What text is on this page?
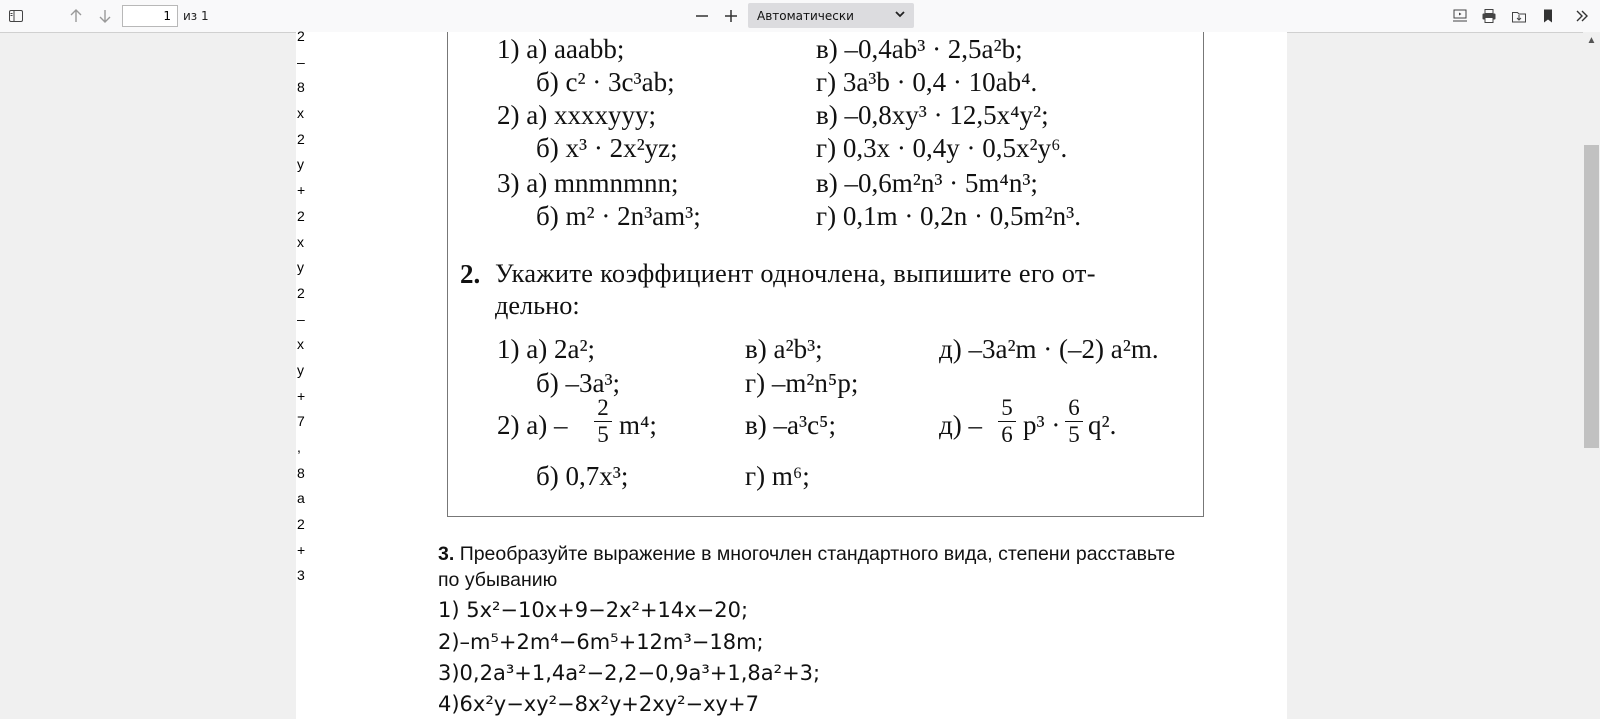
1
из 1	Автоматически
2
–
8
x
2
y
+
2
x
y
2
–
x
y
+
7
,
8
a
2
+
3
1) а) aaabb;	в) –0,4ab³ · 2,5a²b;
б) c² · 3c³ab;	г) 3a³b · 0,4 · 10ab⁴.
2) а) xxxxyyy;	в) –0,8xy³ · 12,5x⁴y²;
б) x³ · 2x²yz;	г) 0,3x · 0,4y · 0,5x²y⁶.
3) а) mnmnmnn;	в) –0,6m²n³ · 5m⁴n³;
б) m² · 2n³am³;	г) 0,1m · 0,2n · 0,5m²n³.
2. Укажите коэффициент одночлена, выпишите его от-
дельно:
1) а) 2a²;	в) a²b³;	д) –3a²m · (–2) a²m.
б) –3a³;	г) –m²n⁵p;
2) $а) - \frac{2}{5} m^4$;	в) –a³c⁵;	$д) - \frac{5}{6} p^3 \cdot \frac{6}{5} q^2$.
б) 0,7x³;	г) m⁶;
3. Преобразуйте выражение в многочлен стандартного вида, степени расставьте
по убыванию
1) 5x²−10x+9−2x²+14x−20;
2)–m⁵+2m⁴−6m⁵+12m³−18m;
3)0,2a³+1,4a²−2,2−0,9a³+1,8a²+3;
4)6x²y−xy²−8x²y+2xy²−xy+7
▲
